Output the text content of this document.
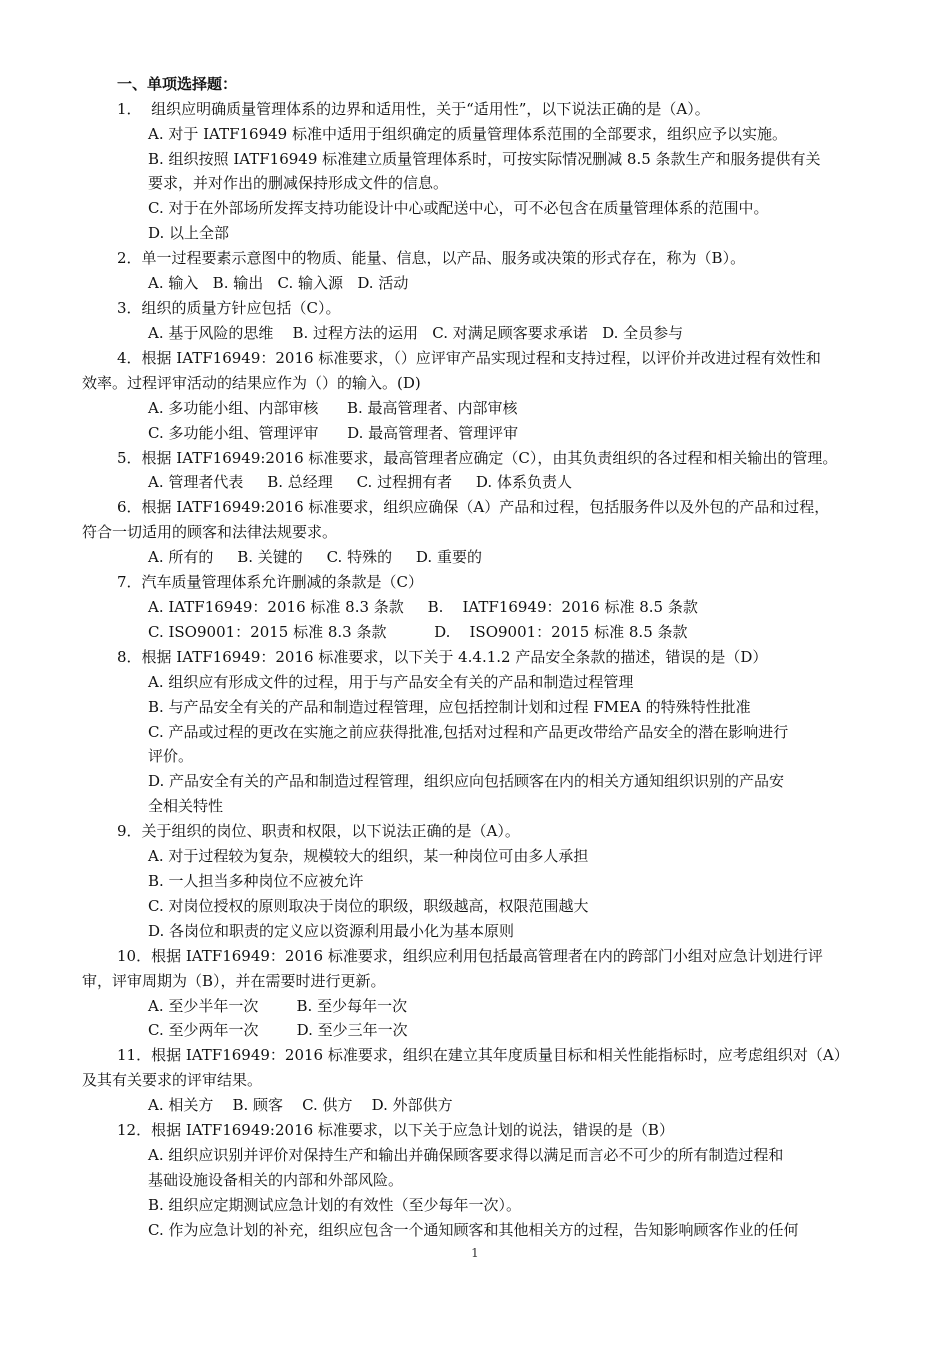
一、单项选择题：
1．  组织应明确质量管理体系的边界和适用性，关于“适用性”，以下说法正确的是（A）。
A. 对于 IATF16949 标准中适用于组织确定的质量管理体系范围的全部要求，组织应予以实施。
B. 组织按照 IATF16949 标准建立质量管理体系时，可按实际情况删减 8.5 条款生产和服务提供有关
要求，并对作出的删减保持形成文件的信息。
C. 对于在外部场所发挥支持功能设计中心或配送中心，可不必包含在质量管理体系的范围中。
D. 以上全部
2．单一过程要素示意图中的物质、能量、信息，以产品、服务或决策的形式存在，称为（B）。
A. 输入   B. 输出   C. 输入源   D. 活动
3．组织的质量方针应包括（C）。
A. 基于风险的思维    B. 过程方法的运用   C. 对满足顾客要求承诺   D. 全员参与
4．根据 IATF16949：2016 标准要求，（）应评审产品实现过程和支持过程，以评价并改进过程有效性和
效率。过程评审活动的结果应作为（）的输入。(D)
A. 多功能小组、内部审核      B. 最高管理者、内部审核
C. 多功能小组、管理评审      D. 最高管理者、管理评审
5．根据 IATF16949:2016 标准要求，最高管理者应确定（C），由其负责组织的各过程和相关输出的管理。
A. 管理者代表     B. 总经理     C. 过程拥有者     D. 体系负责人
6．根据 IATF16949:2016 标准要求，组织应确保（A）产品和过程，包括服务件以及外包的产品和过程，
符合一切适用的顾客和法律法规要求。
A. 所有的     B. 关键的     C. 特殊的     D. 重要的
7．汽车质量管理体系允许删减的条款是（C）
A. IATF16949：2016 标准 8.3 条款     B.    IATF16949：2016 标准 8.5 条款
C. ISO9001：2015 标准 8.3 条款          D.    ISO9001：2015 标准 8.5 条款
8．根据 IATF16949：2016 标准要求，以下关于 4.4.1.2 产品安全条款的描述，错误的是（D）
A. 组织应有形成文件的过程，用于与产品安全有关的产品和制造过程管理
B. 与产品安全有关的产品和制造过程管理，应包括控制计划和过程 FMEA 的特殊特性批准
C. 产品或过程的更改在实施之前应获得批准,包括对过程和产品更改带给产品安全的潜在影响进行
评价。
D. 产品安全有关的产品和制造过程管理，组织应向包括顾客在内的相关方通知组织识别的产品安
全相关特性
9．关于组织的岗位、职责和权限，以下说法正确的是（A）。
A. 对于过程较为复杂，规模较大的组织，某一种岗位可由多人承担
B. 一人担当多种岗位不应被允许
C. 对岗位授权的原则取决于岗位的职级，职级越高，权限范围越大
D. 各岗位和职责的定义应以资源利用最小化为基本原则
10．根据 IATF16949：2016 标准要求，组织应利用包括最高管理者在内的跨部门小组对应急计划进行评
审，评审周期为（B），并在需要时进行更新。
A. 至少半年一次        B. 至少每年一次
C. 至少两年一次        D. 至少三年一次
11．根据 IATF16949：2016 标准要求，组织在建立其年度质量目标和相关性能指标时，应考虑组织对（A）
及其有关要求的评审结果。
A. 相关方    B. 顾客    C. 供方    D. 外部供方
12．根据 IATF16949:2016 标准要求，以下关于应急计划的说法，错误的是（B）
A. 组织应识别并评价对保持生产和输出并确保顾客要求得以满足而言必不可少的所有制造过程和
基础设施设备相关的内部和外部风险。
B. 组织应定期测试应急计划的有效性（至少每年一次）。
C. 作为应急计划的补充，组织应包含一个通知顾客和其他相关方的过程，告知影响顾客作业的任何
1
